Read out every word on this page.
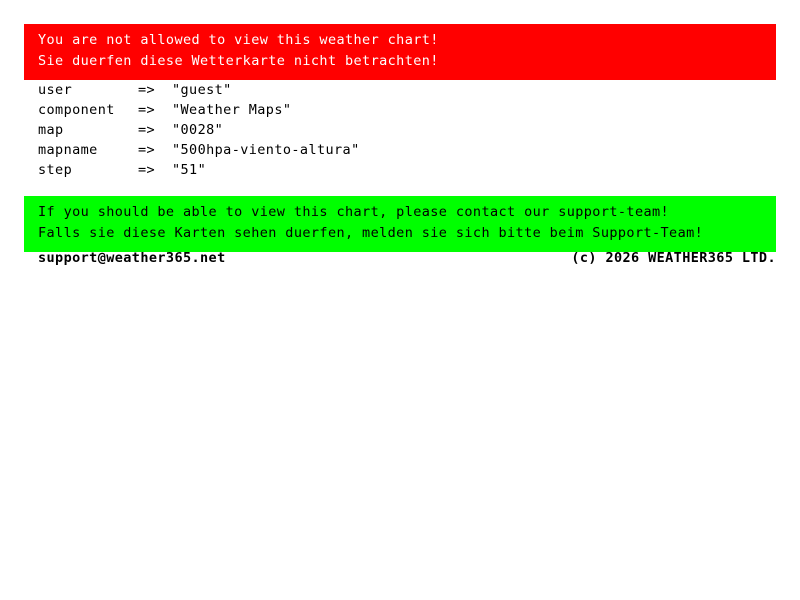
You are not allowed to view this weather chart!
Sie duerfen diese Wetterkarte nicht betrachten!
user	=>	"guest"
component	=>	"Weather Maps"
map	=>	"0028"
mapname	=>	"500hpa-viento-altura"
step	=>	"51"
If you should be able to view this chart, please contact our support-team!
Falls sie diese Karten sehen duerfen, melden sie sich bitte beim Support-Team!
support@weather365.net	(c) 2026 WEATHER365 LTD.
